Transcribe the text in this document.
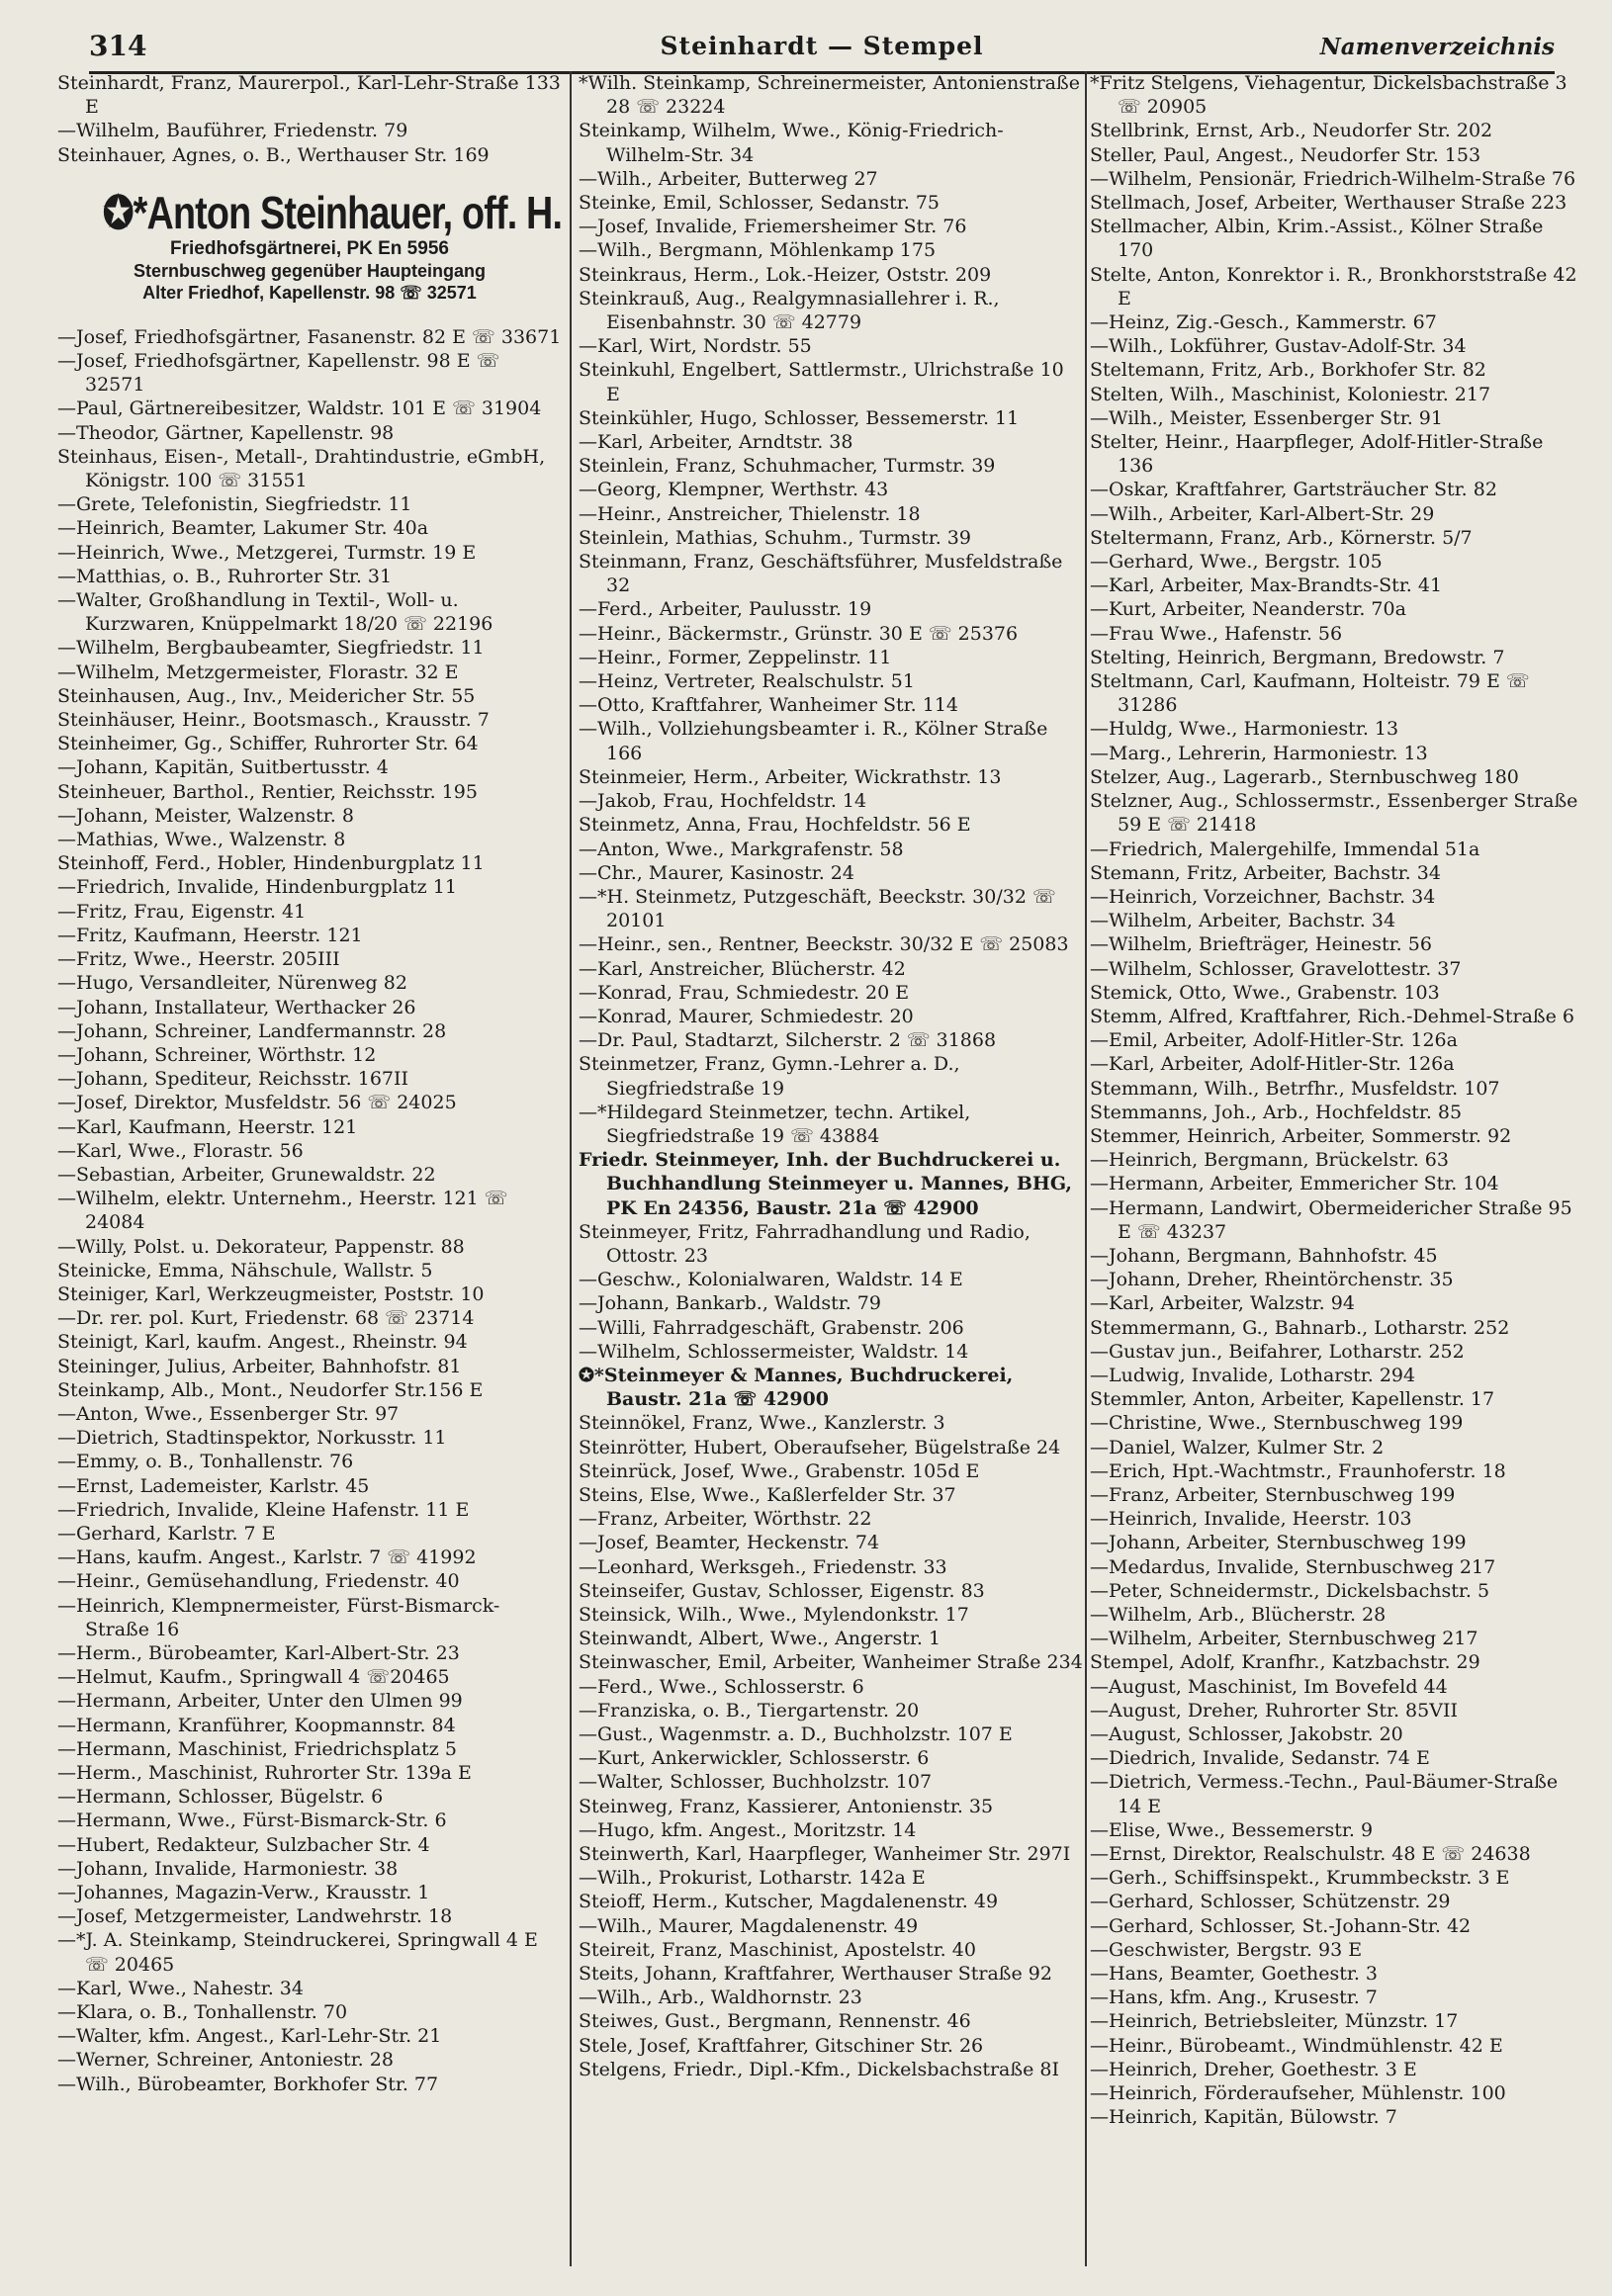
314	Steinhardt — Stempel	Namenverzeichnis
Steinhardt, Franz, Maurerpol., Karl-Lehr-Straße 133 E
—Wilhelm, Bauführer, Friedenstr. 79
Steinhauer, Agnes, o. B., Werthauser Str. 169
✪*Anton Steinhauer, off. H.
Friedhofsgärtnerei, PK En 5956
Sternbuschweg gegenüber Haupteingang
Alter Friedhof, Kapellenstr. 98 ☏ 32571
—Josef, Friedhofsgärtner, Fasanenstr. 82 E ☏ 33671
—Josef, Friedhofsgärtner, Kapellenstr. 98 E ☏ 32571
—Paul, Gärtnereibesitzer, Waldstr. 101 E ☏ 31904
—Theodor, Gärtner, Kapellenstr. 98
Steinhaus, Eisen-, Metall-, Drahtindustrie, eGmbH, Königstr. 100 ☏ 31551
—Grete, Telefonistin, Siegfriedstr. 11
—Heinrich, Beamter, Lakumer Str. 40a
—Heinrich, Wwe., Metzgerei, Turmstr. 19 E
—Matthias, o. B., Ruhrorter Str. 31
—Walter, Großhandlung in Textil-, Woll- u. Kurzwaren, Knüppelmarkt 18/20 ☏ 22196
—Wilhelm, Bergbaubeamter, Siegfriedstr. 11
—Wilhelm, Metzgermeister, Florastr. 32 E
Steinhausen, Aug., Inv., Meidericher Str. 55
Steinhäuser, Heinr., Bootsmasch., Krausstr. 7
Steinheimer, Gg., Schiffer, Ruhrorter Str. 64
—Johann, Kapitän, Suitbertusstr. 4
Steinheuer, Barthol., Rentier, Reichsstr. 195
—Johann, Meister, Walzenstr. 8
—Mathias, Wwe., Walzenstr. 8
Steinhoff, Ferd., Hobler, Hindenburgplatz 11
—Friedrich, Invalide, Hindenburgplatz 11
—Fritz, Frau, Eigenstr. 41
—Fritz, Kaufmann, Heerstr. 121
—Fritz, Wwe., Heerstr. 205III
—Hugo, Versandleiter, Nürenweg 82
—Johann, Installateur, Werthacker 26
—Johann, Schreiner, Landfermannstr. 28
—Johann, Schreiner, Wörthstr. 12
—Johann, Spediteur, Reichsstr. 167II
—Josef, Direktor, Musfeldstr. 56 ☏ 24025
—Karl, Kaufmann, Heerstr. 121
—Karl, Wwe., Florastr. 56
—Sebastian, Arbeiter, Grunewaldstr. 22
—Wilhelm, elektr. Unternehm., Heerstr. 121 ☏ 24084
—Willy, Polst. u. Dekorateur, Pappenstr. 88
Steinicke, Emma, Nähschule, Wallstr. 5
Steiniger, Karl, Werkzeugmeister, Poststr. 10
—Dr. rer. pol. Kurt, Friedenstr. 68 ☏ 23714
Steinigt, Karl, kaufm. Angest., Rheinstr. 94
Steininger, Julius, Arbeiter, Bahnhofstr. 81
Steinkamp, Alb., Mont., Neudorfer Str.156 E
—Anton, Wwe., Essenberger Str. 97
—Dietrich, Stadtinspektor, Norkusstr. 11
—Emmy, o. B., Tonhallenstr. 76
—Ernst, Lademeister, Karlstr. 45
—Friedrich, Invalide, Kleine Hafenstr. 11 E
—Gerhard, Karlstr. 7 E
—Hans, kaufm. Angest., Karlstr. 7 ☏ 41992
—Heinr., Gemüsehandlung, Friedenstr. 40
—Heinrich, Klempnermeister, Fürst-Bismarck-Straße 16
—Herm., Bürobeamter, Karl-Albert-Str. 23
—Helmut, Kaufm., Springwall 4 ☏20465
—Hermann, Arbeiter, Unter den Ulmen 99
—Hermann, Kranführer, Koopmannstr. 84
—Hermann, Maschinist, Friedrichsplatz 5
—Herm., Maschinist, Ruhrorter Str. 139a E
—Hermann, Schlosser, Bügelstr. 6
—Hermann, Wwe., Fürst-Bismarck-Str. 6
—Hubert, Redakteur, Sulzbacher Str. 4
—Johann, Invalide, Harmoniestr. 38
—Johannes, Magazin-Verw., Krausstr. 1
—Josef, Metzgermeister, Landwehrstr. 18
—*J. A. Steinkamp, Steindruckerei, Springwall 4 E ☏ 20465
—Karl, Wwe., Nahestr. 34
—Klara, o. B., Tonhallenstr. 70
—Walter, kfm. Angest., Karl-Lehr-Str. 21
—Werner, Schreiner, Antoniestr. 28
—Wilh., Bürobeamter, Borkhofer Str. 77
*Wilh. Steinkamp, Schreinermeister, Antonienstraße 28 ☏ 23224
Steinkamp, Wilhelm, Wwe., König-Friedrich-Wilhelm-Str. 34
—Wilh., Arbeiter, Butterweg 27
Steinke, Emil, Schlosser, Sedanstr. 75
—Josef, Invalide, Friemersheimer Str. 76
—Wilh., Bergmann, Möhlenkamp 175
Steinkraus, Herm., Lok.-Heizer, Oststr. 209
Steinkrauß, Aug., Realgymnasiallehrer i. R., Eisenbahnstr. 30 ☏ 42779
—Karl, Wirt, Nordstr. 55
Steinkuhl, Engelbert, Sattlermstr., Ulrichstraße 10 E
Steinkühler, Hugo, Schlosser, Bessemerstr. 11
—Karl, Arbeiter, Arndtstr. 38
Steinlein, Franz, Schuhmacher, Turmstr. 39
—Georg, Klempner, Werthstr. 43
—Heinr., Anstreicher, Thielenstr. 18
Steinlein, Mathias, Schuhm., Turmstr. 39
Steinmann, Franz, Geschäftsführer, Musfeldstraße 32
—Ferd., Arbeiter, Paulusstr. 19
—Heinr., Bäckermstr., Grünstr. 30 E ☏ 25376
—Heinr., Former, Zeppelinstr. 11
—Heinz, Vertreter, Realschulstr. 51
—Otto, Kraftfahrer, Wanheimer Str. 114
—Wilh., Vollziehungsbeamter i. R., Kölner Straße 166
Steinmeier, Herm., Arbeiter, Wickrathstr. 13
—Jakob, Frau, Hochfeldstr. 14
Steinmetz, Anna, Frau, Hochfeldstr. 56 E
—Anton, Wwe., Markgrafenstr. 58
—Chr., Maurer, Kasinostr. 24
—*H. Steinmetz, Putzgeschäft, Beeckstr. 30/32 ☏ 20101
—Heinr., sen., Rentner, Beeckstr. 30/32 E ☏ 25083
—Karl, Anstreicher, Blücherstr. 42
—Konrad, Frau, Schmiedestr. 20 E
—Konrad, Maurer, Schmiedestr. 20
—Dr. Paul, Stadtarzt, Silcherstr. 2 ☏ 31868
Steinmetzer, Franz, Gymn.-Lehrer a. D., Siegfriedstraße 19
—*Hildegard Steinmetzer, techn. Artikel, Siegfriedstraße 19 ☏ 43884
Friedr. Steinmeyer, Inh. der Buchdruckerei u. Buchhandlung Steinmeyer u. Mannes, BHG, PK En 24356, Baustr. 21a ☏ 42900
Steinmeyer, Fritz, Fahrradhandlung und Radio, Ottostr. 23
—Geschw., Kolonialwaren, Waldstr. 14 E
—Johann, Bankarb., Waldstr. 79
—Willi, Fahrradgeschäft, Grabenstr. 206
—Wilhelm, Schlossermeister, Waldstr. 14
✪*Steinmeyer & Mannes, Buchdruckerei, Baustr. 21a ☏ 42900
Steinnökel, Franz, Wwe., Kanzlerstr. 3
Steinrötter, Hubert, Oberaufseher, Bügelstraße 24
Steinrück, Josef, Wwe., Grabenstr. 105d E
Steins, Else, Wwe., Kaßlerfelder Str. 37
—Franz, Arbeiter, Wörthstr. 22
—Josef, Beamter, Heckenstr. 74
—Leonhard, Werksgeh., Friedenstr. 33
Steinseifer, Gustav, Schlosser, Eigenstr. 83
Steinsick, Wilh., Wwe., Mylendonkstr. 17
Steinwandt, Albert, Wwe., Angerstr. 1
Steinwascher, Emil, Arbeiter, Wanheimer Straße 234
—Ferd., Wwe., Schlosserstr. 6
—Franziska, o. B., Tiergartenstr. 20
—Gust., Wagenmstr. a. D., Buchholzstr. 107 E
—Kurt, Ankerwickler, Schlosserstr. 6
—Walter, Schlosser, Buchholzstr. 107
Steinweg, Franz, Kassierer, Antonienstr. 35
—Hugo, kfm. Angest., Moritzstr. 14
Steinwerth, Karl, Haarpfleger, Wanheimer Str. 297I
—Wilh., Prokurist, Lotharstr. 142a E
Steioff, Herm., Kutscher, Magdalenenstr. 49
—Wilh., Maurer, Magdalenenstr. 49
Steireit, Franz, Maschinist, Apostelstr. 40
Steits, Johann, Kraftfahrer, Werthauser Straße 92
—Wilh., Arb., Waldhornstr. 23
Steiwes, Gust., Bergmann, Rennenstr. 46
Stele, Josef, Kraftfahrer, Gitschiner Str. 26
Stelgens, Friedr., Dipl.-Kfm., Dickelsbachstraße 8I
*Fritz Stelgens, Viehagentur, Dickelsbachstraße 3 ☏ 20905
Stellbrink, Ernst, Arb., Neudorfer Str. 202
Steller, Paul, Angest., Neudorfer Str. 153
—Wilhelm, Pensionär, Friedrich-Wilhelm-Straße 76
Stellmach, Josef, Arbeiter, Werthauser Straße 223
Stellmacher, Albin, Krim.-Assist., Kölner Straße 170
Stelte, Anton, Konrektor i. R., Bronkhorststraße 42 E
—Heinz, Zig.-Gesch., Kammerstr. 67
—Wilh., Lokführer, Gustav-Adolf-Str. 34
Steltemann, Fritz, Arb., Borkhofer Str. 82
Stelten, Wilh., Maschinist, Koloniestr. 217
—Wilh., Meister, Essenberger Str. 91
Stelter, Heinr., Haarpfleger, Adolf-Hitler-Straße 136
—Oskar, Kraftfahrer, Gartsträucher Str. 82
—Wilh., Arbeiter, Karl-Albert-Str. 29
Steltermann, Franz, Arb., Körnerstr. 5/7
—Gerhard, Wwe., Bergstr. 105
—Karl, Arbeiter, Max-Brandts-Str. 41
—Kurt, Arbeiter, Neanderstr. 70a
—Frau Wwe., Hafenstr. 56
Stelting, Heinrich, Bergmann, Bredowstr. 7
Steltmann, Carl, Kaufmann, Holteistr. 79 E ☏ 31286
—Huldg, Wwe., Harmoniestr. 13
—Marg., Lehrerin, Harmoniestr. 13
Stelzer, Aug., Lagerarb., Sternbuschweg 180
Stelzner, Aug., Schlossermstr., Essenberger Straße 59 E ☏ 21418
—Friedrich, Malergehilfe, Immendal 51a
Stemann, Fritz, Arbeiter, Bachstr. 34
—Heinrich, Vorzeichner, Bachstr. 34
—Wilhelm, Arbeiter, Bachstr. 34
—Wilhelm, Briefträger, Heinestr. 56
—Wilhelm, Schlosser, Gravelottestr. 37
Stemick, Otto, Wwe., Grabenstr. 103
Stemm, Alfred, Kraftfahrer, Rich.-Dehmel-Straße 6
—Emil, Arbeiter, Adolf-Hitler-Str. 126a
—Karl, Arbeiter, Adolf-Hitler-Str. 126a
Stemmann, Wilh., Betrfhr., Musfeldstr. 107
Stemmanns, Joh., Arb., Hochfeldstr. 85
Stemmer, Heinrich, Arbeiter, Sommerstr. 92
—Heinrich, Bergmann, Brückelstr. 63
—Hermann, Arbeiter, Emmericher Str. 104
—Hermann, Landwirt, Obermeidericher Straße 95 E ☏ 43237
—Johann, Bergmann, Bahnhofstr. 45
—Johann, Dreher, Rheintörchenstr. 35
—Karl, Arbeiter, Walzstr. 94
Stemmermann, G., Bahnarb., Lotharstr. 252
—Gustav jun., Beifahrer, Lotharstr. 252
—Ludwig, Invalide, Lotharstr. 294
Stemmler, Anton, Arbeiter, Kapellenstr. 17
—Christine, Wwe., Sternbuschweg 199
—Daniel, Walzer, Kulmer Str. 2
—Erich, Hpt.-Wachtmstr., Fraunhoferstr. 18
—Franz, Arbeiter, Sternbuschweg 199
—Heinrich, Invalide, Heerstr. 103
—Johann, Arbeiter, Sternbuschweg 199
—Medardus, Invalide, Sternbuschweg 217
—Peter, Schneidermstr., Dickelsbachstr. 5
—Wilhelm, Arb., Blücherstr. 28
—Wilhelm, Arbeiter, Sternbuschweg 217
Stempel, Adolf, Kranfhr., Katzbachstr. 29
—August, Maschinist, Im Bovefeld 44
—August, Dreher, Ruhrorter Str. 85VII
—August, Schlosser, Jakobstr. 20
—Diedrich, Invalide, Sedanstr. 74 E
—Dietrich, Vermess.-Techn., Paul-Bäumer-Straße 14 E
—Elise, Wwe., Bessemerstr. 9
—Ernst, Direktor, Realschulstr. 48 E ☏ 24638
—Gerh., Schiffsinspekt., Krummbeckstr. 3 E
—Gerhard, Schlosser, Schützenstr. 29
—Gerhard, Schlosser, St.-Johann-Str. 42
—Geschwister, Bergstr. 93 E
—Hans, Beamter, Goethestr. 3
—Hans, kfm. Ang., Krusestr. 7
—Heinrich, Betriebsleiter, Münzstr. 17
—Heinr., Bürobeamt., Windmühlenstr. 42 E
—Heinrich, Dreher, Goethestr. 3 E
—Heinrich, Förderaufseher, Mühlenstr. 100
—Heinrich, Kapitän, Bülowstr. 7
